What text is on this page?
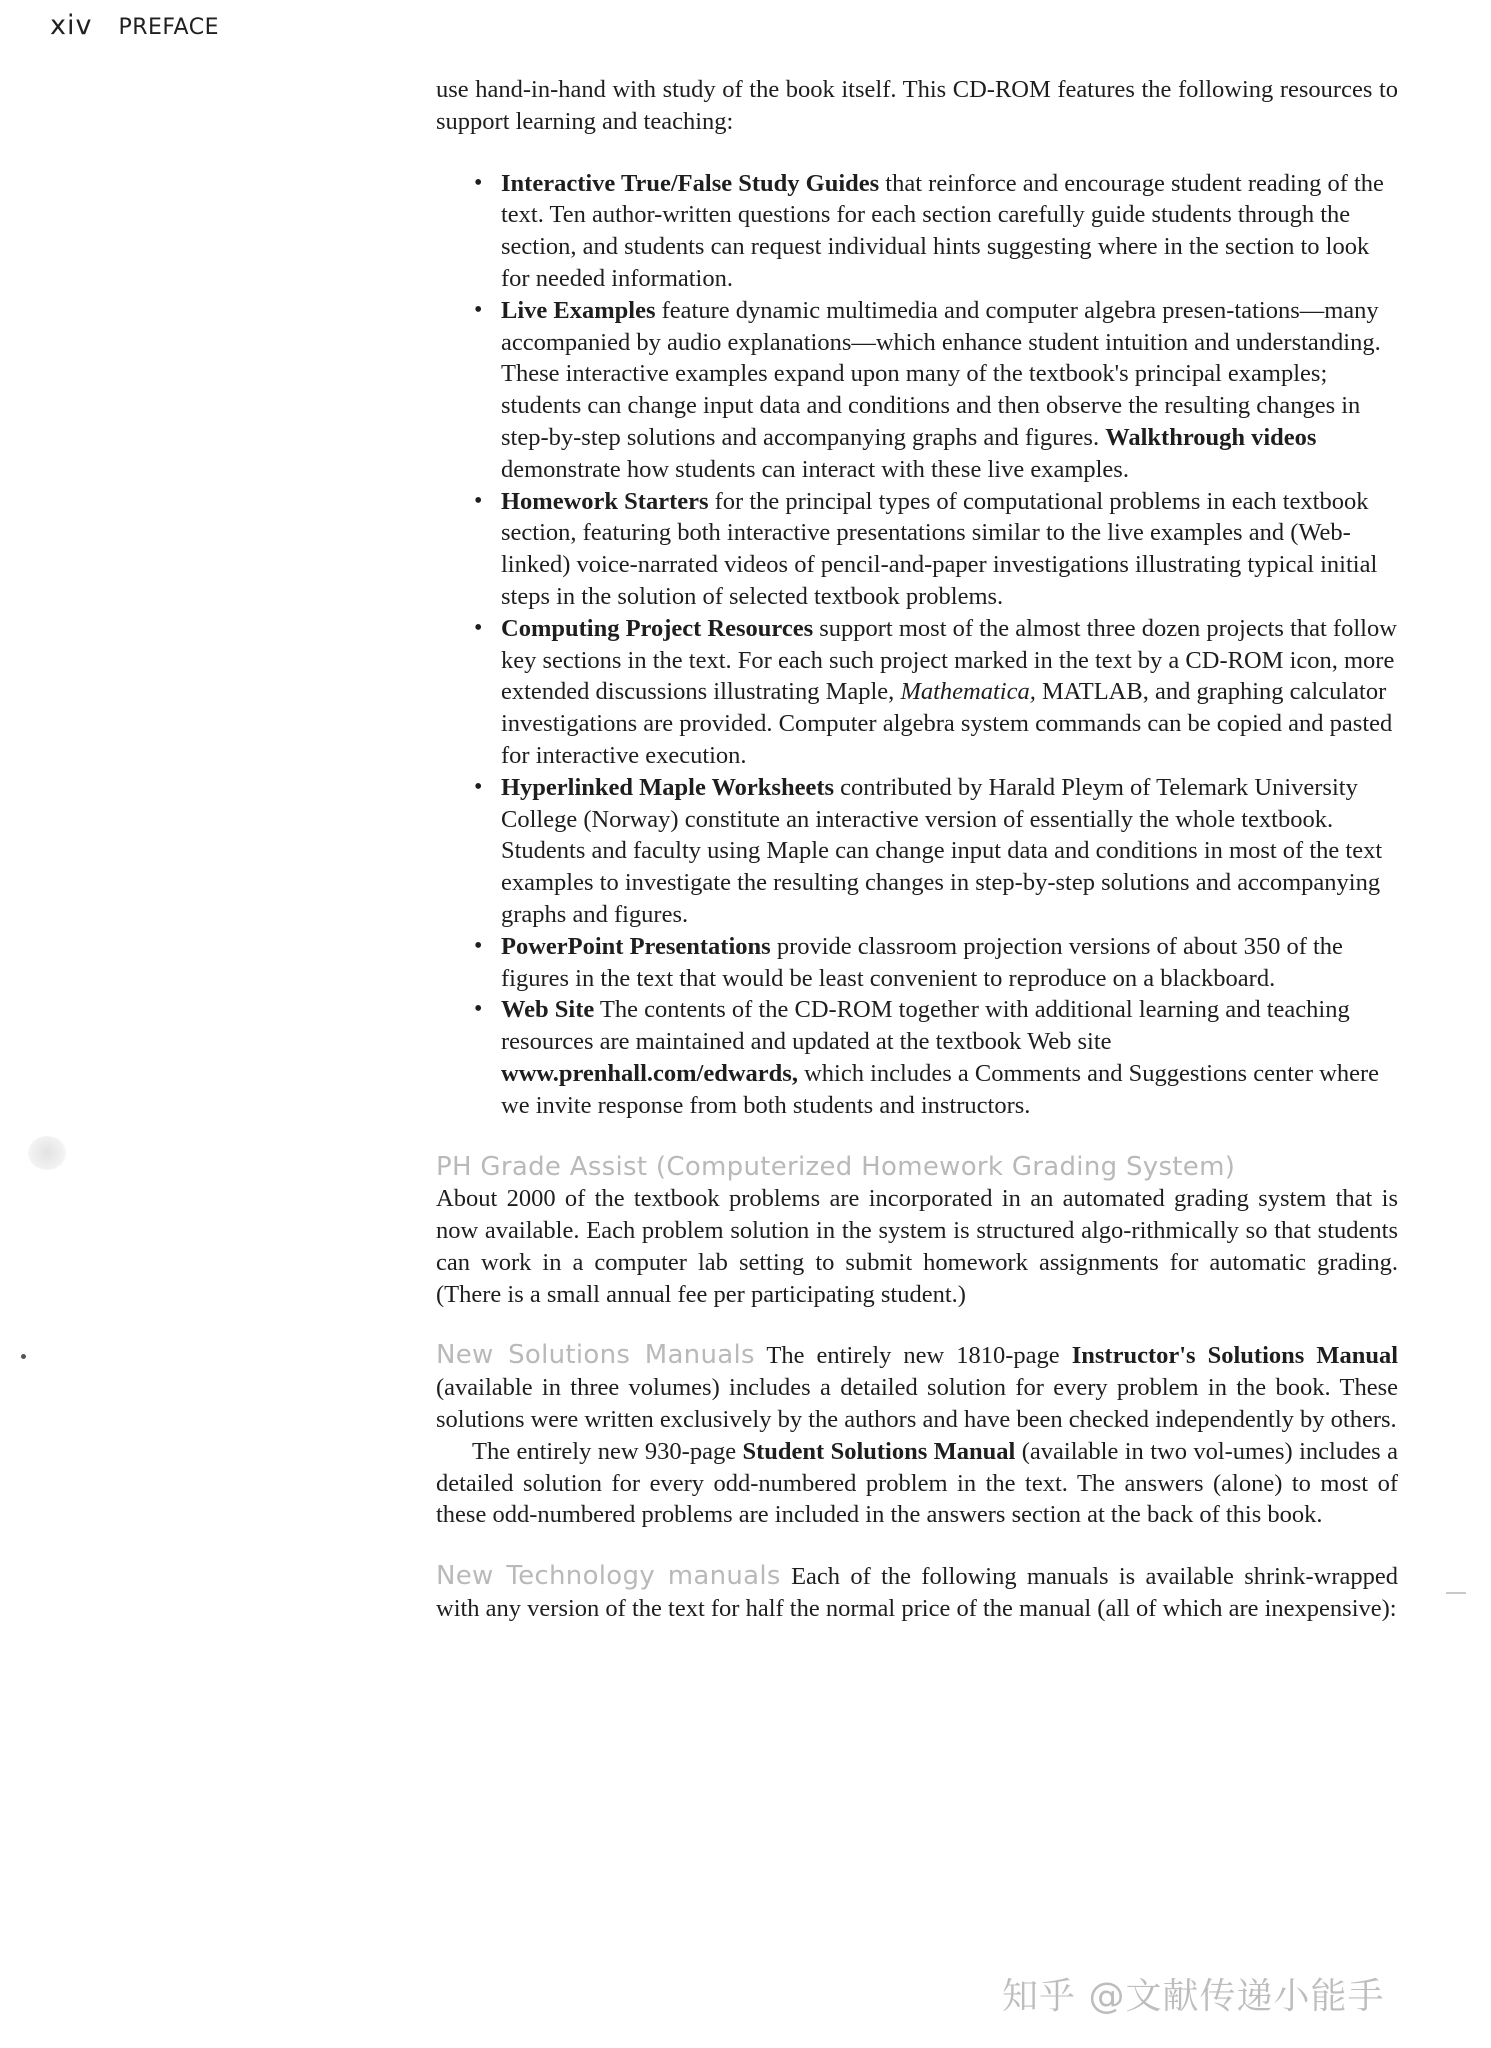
xiv PREFACE

use hand-in-hand with study of the book itself. This CD-ROM features the following resources to support learning and teaching:

• Interactive True/False Study Guides that reinforce and encourage student reading of the text. Ten author-written questions for each section carefully guide students through the section, and students can request individual hints suggesting where in the section to look for needed information.
• Live Examples feature dynamic multimedia and computer algebra presen-tations—many accompanied by audio explanations—which enhance student intuition and understanding. These interactive examples expand upon many of the textbook's principal examples; students can change input data and conditions and then observe the resulting changes in step-by-step solutions and accompanying graphs and figures. Walkthrough videos demonstrate how students can interact with these live examples.
• Homework Starters for the principal types of computational problems in each textbook section, featuring both interactive presentations similar to the live examples and (Web-linked) voice-narrated videos of pencil-and-paper investigations illustrating typical initial steps in the solution of selected textbook problems.
• Computing Project Resources support most of the almost three dozen projects that follow key sections in the text. For each such project marked in the text by a CD-ROM icon, more extended discussions illustrating Maple, Mathematica, MATLAB, and graphing calculator investigations are provided. Computer algebra system commands can be copied and pasted for interactive execution.
• Hyperlinked Maple Worksheets contributed by Harald Pleym of Telemark University College (Norway) constitute an interactive version of essentially the whole textbook. Students and faculty using Maple can change input data and conditions in most of the text examples to investigate the resulting changes in step-by-step solutions and accompanying graphs and figures.
• PowerPoint Presentations provide classroom projection versions of about 350 of the figures in the text that would be least convenient to reproduce on a blackboard.
• Web Site The contents of the CD-ROM together with additional learning and teaching resources are maintained and updated at the textbook Web site www.prenhall.com/edwards, which includes a Comments and Suggestions center where we invite response from both students and instructors.
PH Grade Assist (Computerized Homework Grading System)

About 2000 of the textbook problems are incorporated in an automated grading system that is now available. Each problem solution in the system is structured algo-rithmically so that students can work in a computer lab setting to submit homework assignments for automatic grading. (There is a small annual fee per participating student.)

New Solutions Manuals The entirely new 1810-page Instructor's Solutions Manual (available in three volumes) includes a detailed solution for every problem in the book. These solutions were written exclusively by the authors and have been checked independently by others.

The entirely new 930-page Student Solutions Manual (available in two vol-umes) includes a detailed solution for every odd-numbered problem in the text. The answers (alone) to most of these odd-numbered problems are included in the answers section at the back of this book.

New Technology manuals Each of the following manuals is available shrink-wrapped with any version of the text for half the normal price of the manual (all of which are inexpensive):

知乎 @文献传递小能手
